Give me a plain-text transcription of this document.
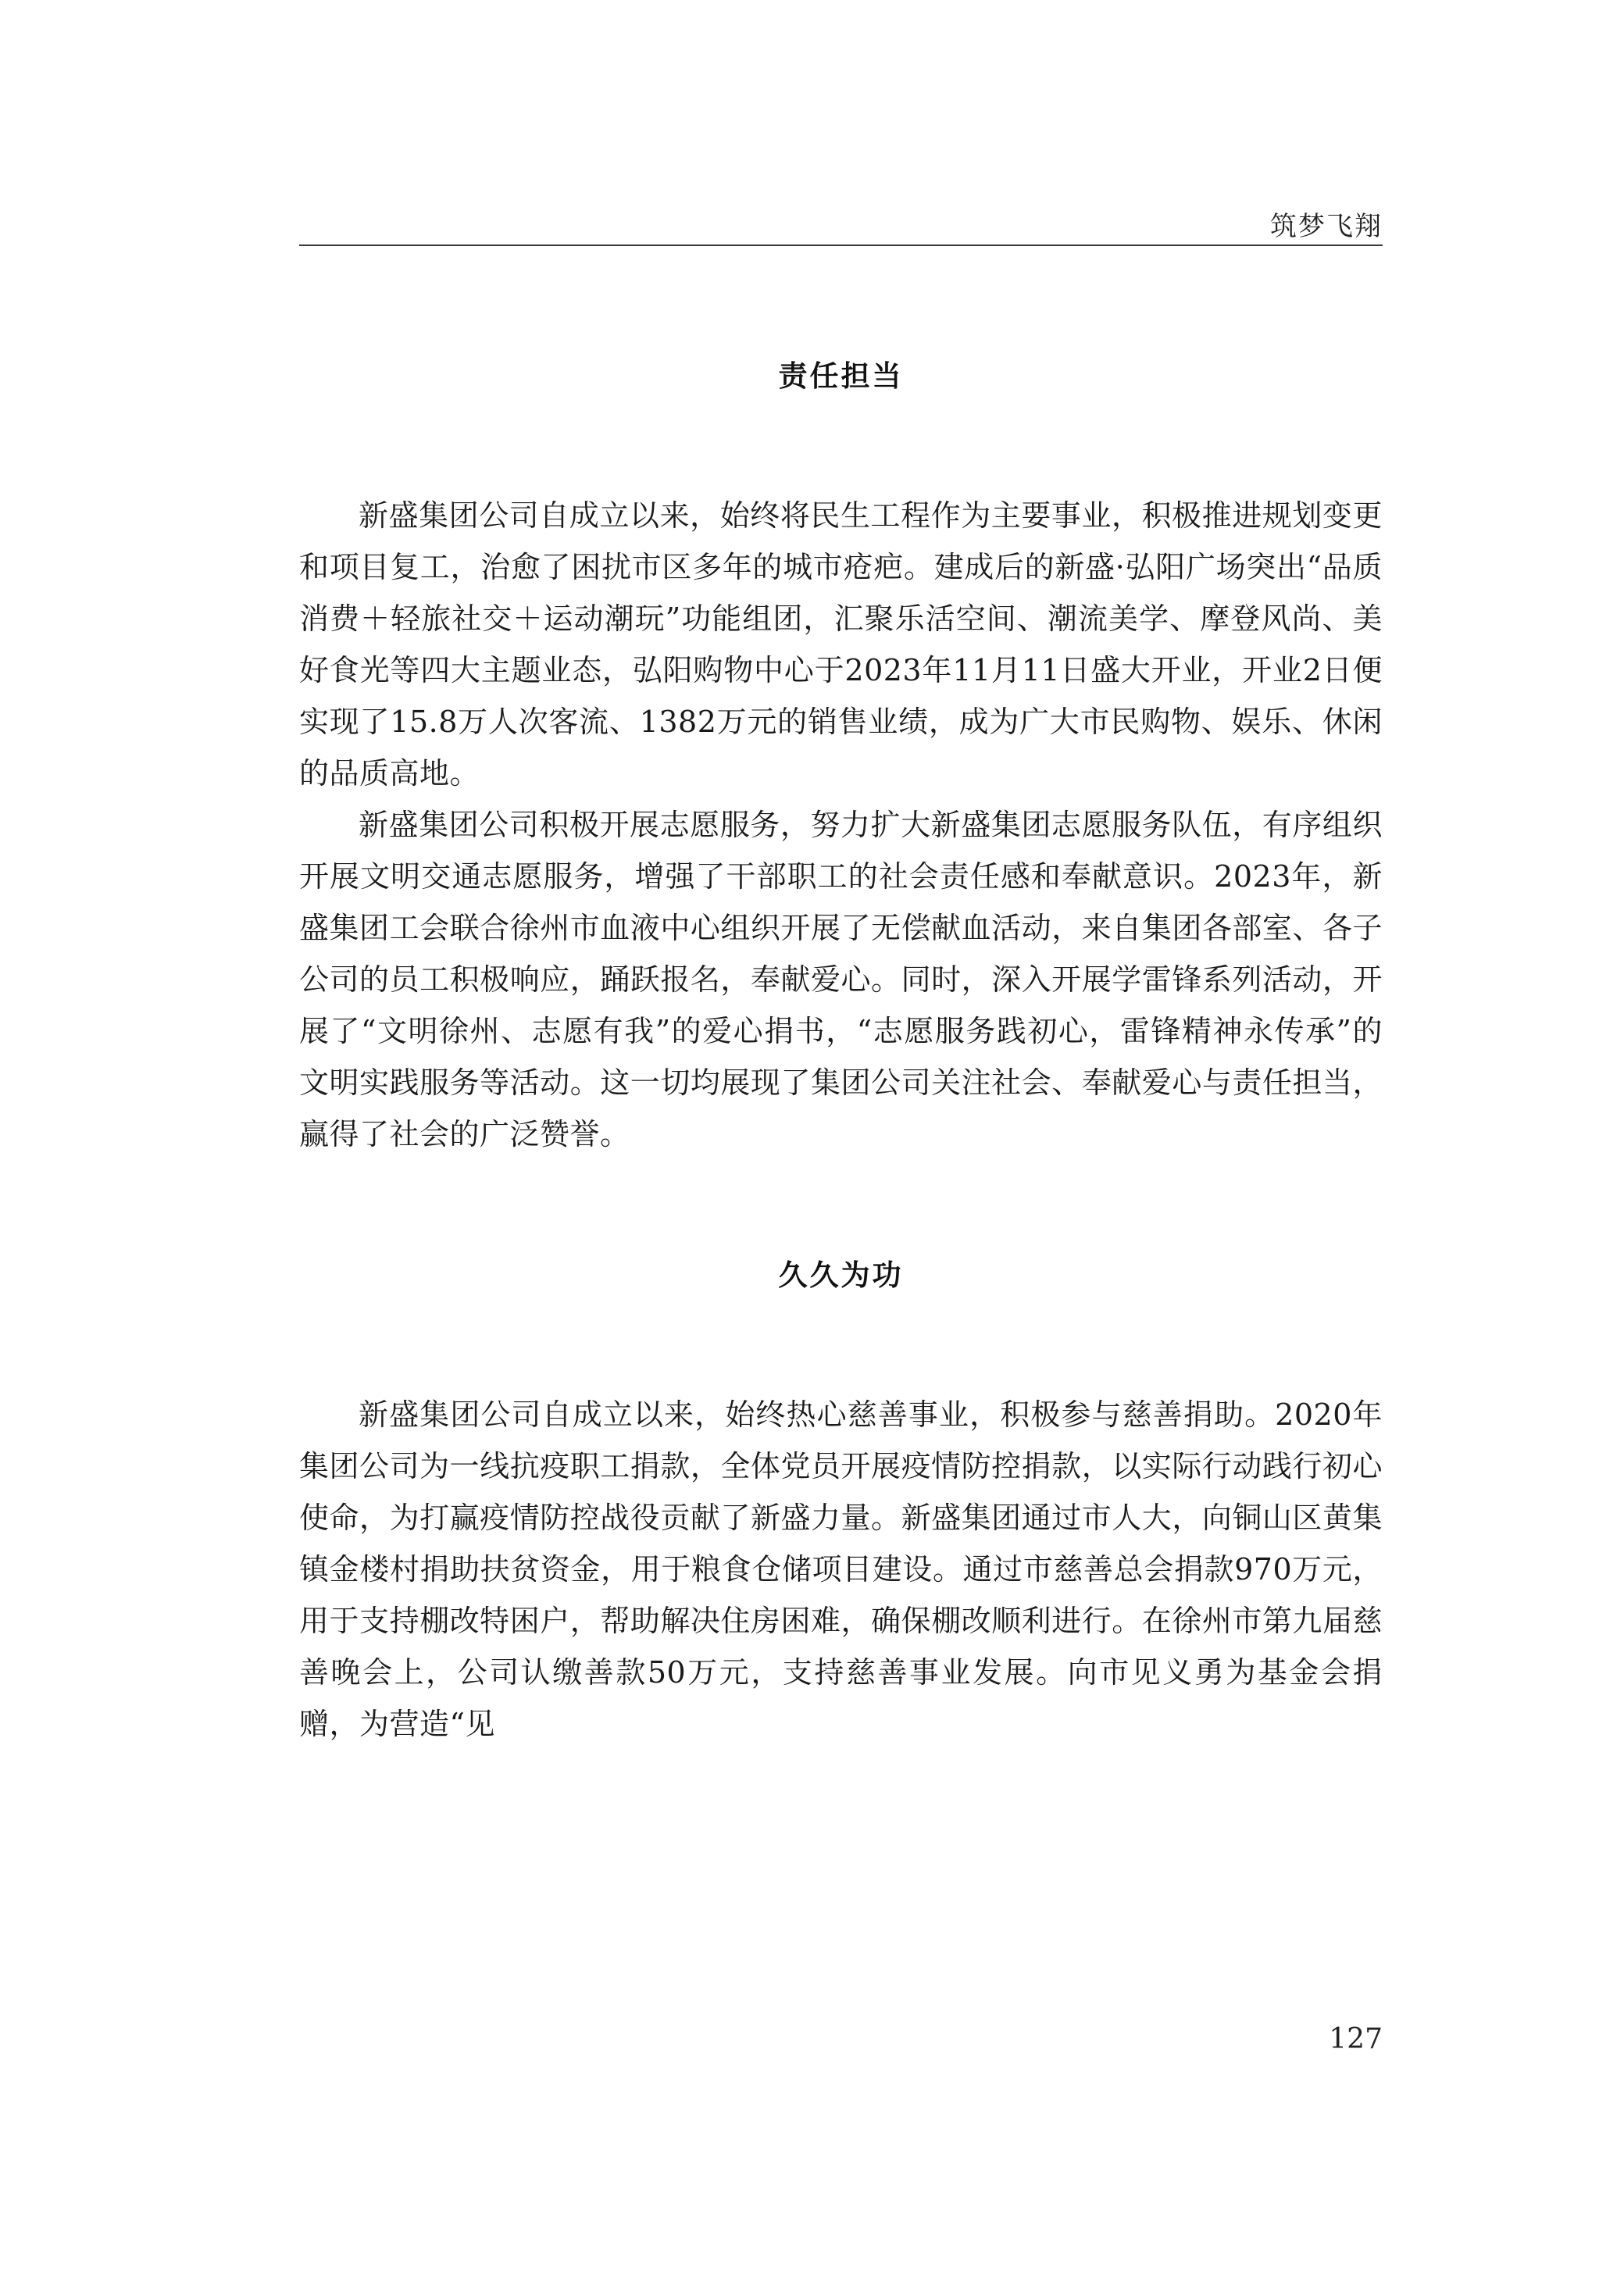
筑梦飞翔
责任担当

新盛集团公司自成立以来，始终将民生工程作为主要事业，积极推进规划变更和项目复工，治愈了困扰市区多年的城市疮疤。建成后的新盛·弘阳广场突出“品质消费＋轻旅社交＋运动潮玩”功能组团，汇聚乐活空间、潮流美学、摩登风尚、美好食光等四大主题业态，弘阳购物中心于2023年11月11日盛大开业，开业2日便实现了15.8万人次客流、1382万元的销售业绩，成为广大市民购物、娱乐、休闲的品质高地。

新盛集团公司积极开展志愿服务，努力扩大新盛集团志愿服务队伍，有序组织开展文明交通志愿服务，增强了干部职工的社会责任感和奉献意识。2023年，新盛集团工会联合徐州市血液中心组织开展了无偿献血活动，来自集团各部室、各子公司的员工积极响应，踊跃报名，奉献爱心。同时，深入开展学雷锋系列活动，开展了“文明徐州、志愿有我”的爱心捐书，“志愿服务践初心，雷锋精神永传承”的文明实践服务等活动。这一切均展现了集团公司关注社会、奉献爱心与责任担当，赢得了社会的广泛赞誉。

久久为功

新盛集团公司自成立以来，始终热心慈善事业，积极参与慈善捐助。2020年集团公司为一线抗疫职工捐款，全体党员开展疫情防控捐款，以实际行动践行初心使命，为打赢疫情防控战役贡献了新盛力量。新盛集团通过市人大，向铜山区黄集镇金楼村捐助扶贫资金，用于粮食仓储项目建设。通过市慈善总会捐款970万元，用于支持棚改特困户，帮助解决住房困难，确保棚改顺利进行。在徐州市第九届慈善晚会上，公司认缴善款50万元，支持慈善事业发展。向市见义勇为基金会捐赠，为营造“见

127
